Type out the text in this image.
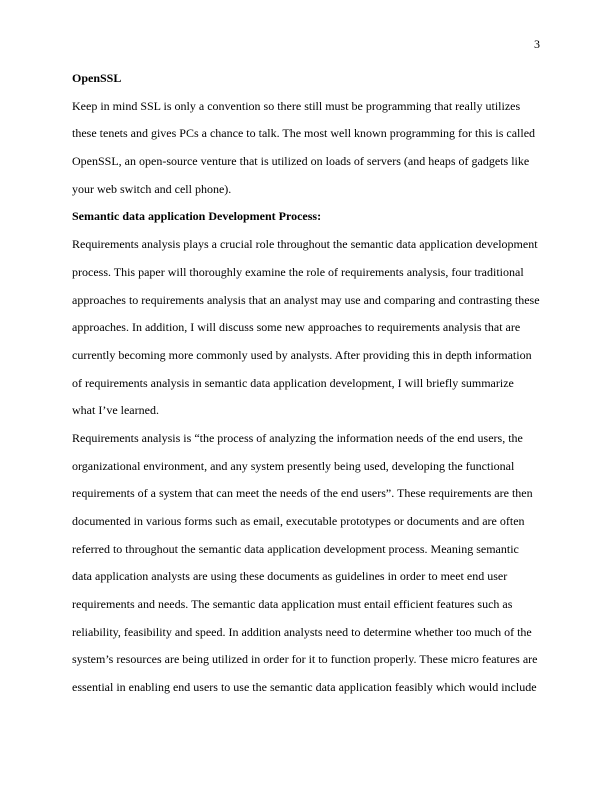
3
OpenSSL
Keep in mind SSL is only a convention so there still must be programming that really utilizes
these tenets and gives PCs a chance to talk. The most well known programming for this is called
OpenSSL, an open-source venture that is utilized on loads of servers (and heaps of gadgets like
your web switch and cell phone).
Semantic data application Development Process:
Requirements analysis plays a crucial role throughout the semantic data application development
process. This paper will thoroughly examine the role of requirements analysis, four traditional
approaches to requirements analysis that an analyst may use and comparing and contrasting these
approaches. In addition, I will discuss some new approaches to requirements analysis that are
currently becoming more commonly used by analysts. After providing this in depth information
of requirements analysis in semantic data application development, I will briefly summarize
what I’ve learned.
Requirements analysis is “the process of analyzing the information needs of the end users, the
organizational environment, and any system presently being used, developing the functional
requirements of a system that can meet the needs of the end users”. These requirements are then
documented in various forms such as email, executable prototypes or documents and are often
referred to throughout the semantic data application development process. Meaning semantic
data application analysts are using these documents as guidelines in order to meet end user
requirements and needs. The semantic data application must entail efficient features such as
reliability, feasibility and speed. In addition analysts need to determine whether too much of the
system’s resources are being utilized in order for it to function properly. These micro features are
essential in enabling end users to use the semantic data application feasibly which would include
